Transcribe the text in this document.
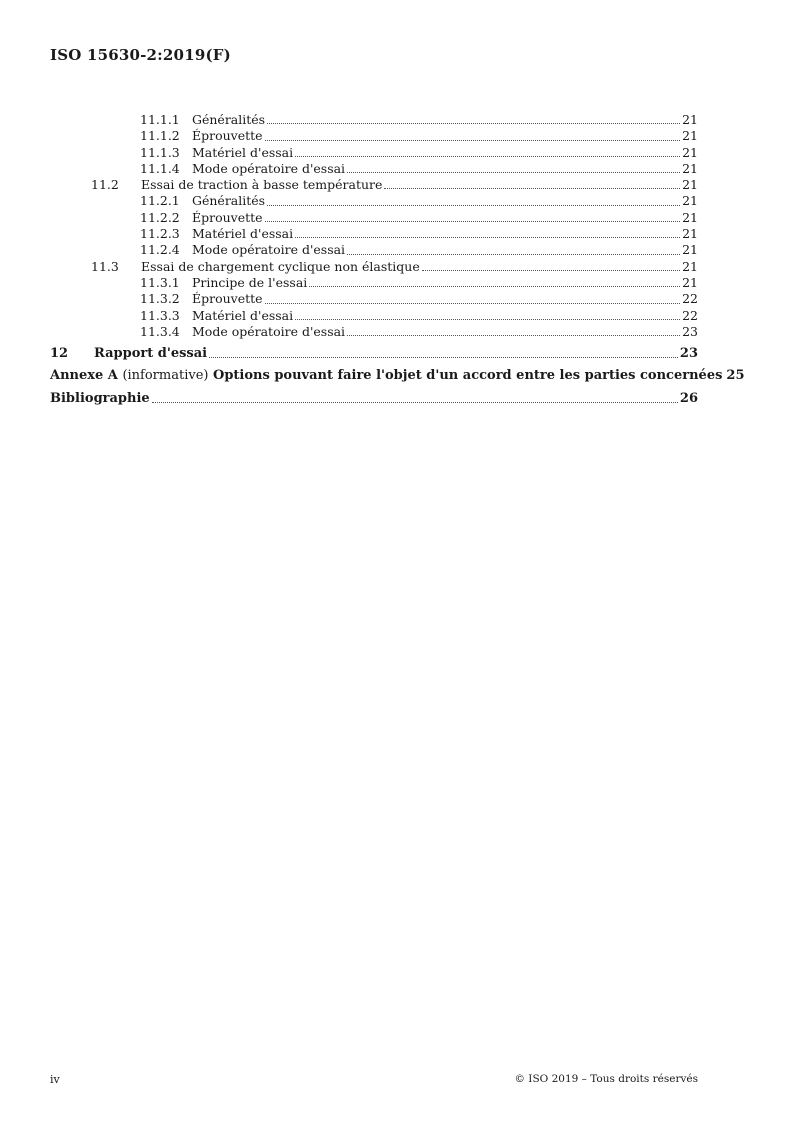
ISO 15630-2:2019(F)
11.1.1 Généralités	21
11.1.2 Éprouvette	21
11.1.3 Matériel d'essai	21
11.1.4 Mode opératoire d'essai	21
11.2	Essai de traction à basse température	21
11.2.1 Généralités	21
11.2.2 Éprouvette	21
11.2.3 Matériel d'essai	21
11.2.4 Mode opératoire d'essai	21
11.3	Essai de chargement cyclique non élastique	21
11.3.1 Principe de l'essai	21
11.3.2 Éprouvette	22
11.3.3 Matériel d'essai	22
11.3.4 Mode opératoire d'essai	23
12	Rapport d'essai	23
Annexe A (informative) Options pouvant faire l'objet d'un accord entre les parties concernées 25
Bibliographie	26
iv	© ISO 2019 – Tous droits réservés
